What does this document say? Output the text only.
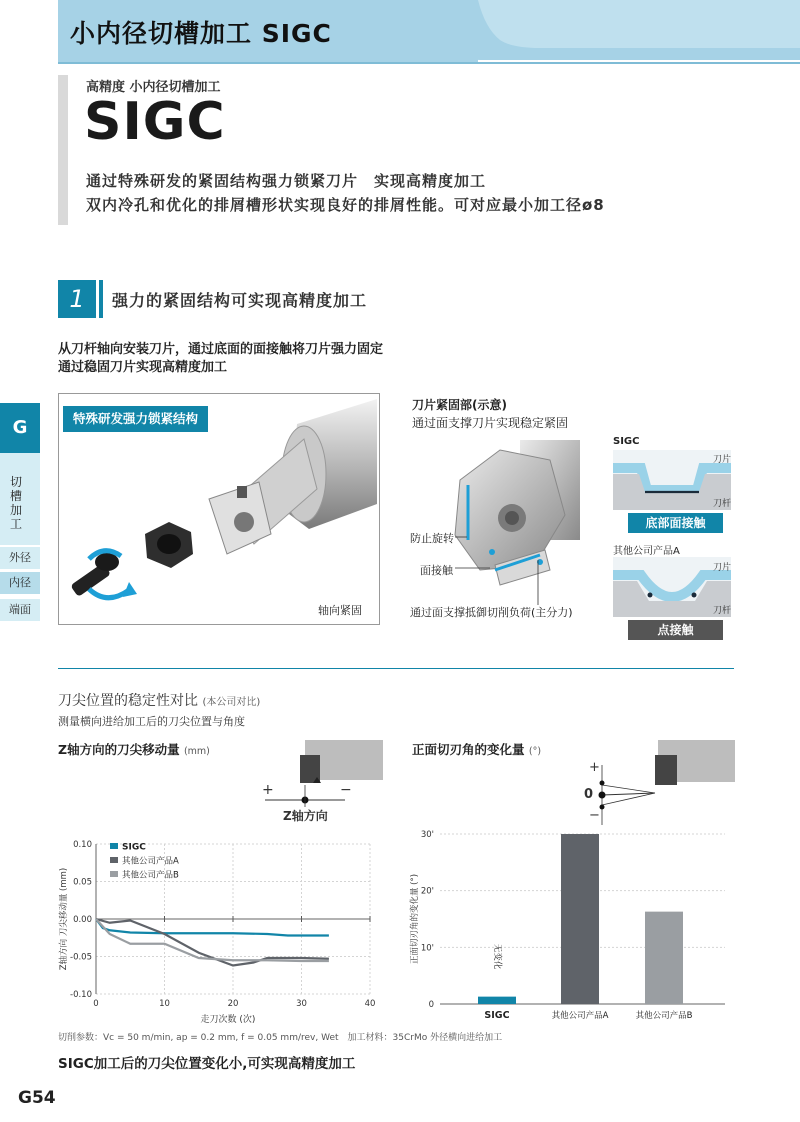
小内径切槽加工 SIGC
高精度 小内径切槽加工
SIGC
通过特殊研发的紧固结构强力锁紧刀片　实现高精度加工
双内冷孔和优化的排屑槽形状实现良好的排屑性能。可对应最小加工径ø8
1	强力的紧固结构可实现高精度加工
从刀杆轴向安装刀片，通过底面的面接触将刀片强力固定
通过稳固刀片实现高精度加工
G
切槽加工
外径
内径
端面
特殊研发强力锁紧结构
轴向紧固
刀片紧固部(示意)
通过面支撑刀片实现稳定紧固
防止旋转
面接触
通过面支撑抵御切削负荷(主分力)
SIGC
刀片
刀杆
底部面接触
其他公司产品A
刀片
刀杆
点接触
刀尖位置的稳定性对比 (本公司对比)
测量横向进给加工后的刀尖位置与角度
Z轴方向的刀尖移动量 (mm)	正面切刃角的变化量 (°)
+	−
Z轴方向
+
0
−
0.10
0.05
0.00
-0.05
-0.10
0	10	20	30	40
SIGC
其他公司产品A
其他公司产品B
走刀次数 (次)
Z轴方向 刀尖移动量 (mm)
0
10'
20'
30'
SIGC	其他公司产品A	其他公司产品B
无变化
正面切刃角的变化量 (°)
切削参数：Vc = 50 m/min, ap = 0.2 mm, f = 0.05 mm/rev, Wet　加工材料：35CrMo 外径横向进给加工
SIGC加工后的刀尖位置变化小,可实现高精度加工
G54
